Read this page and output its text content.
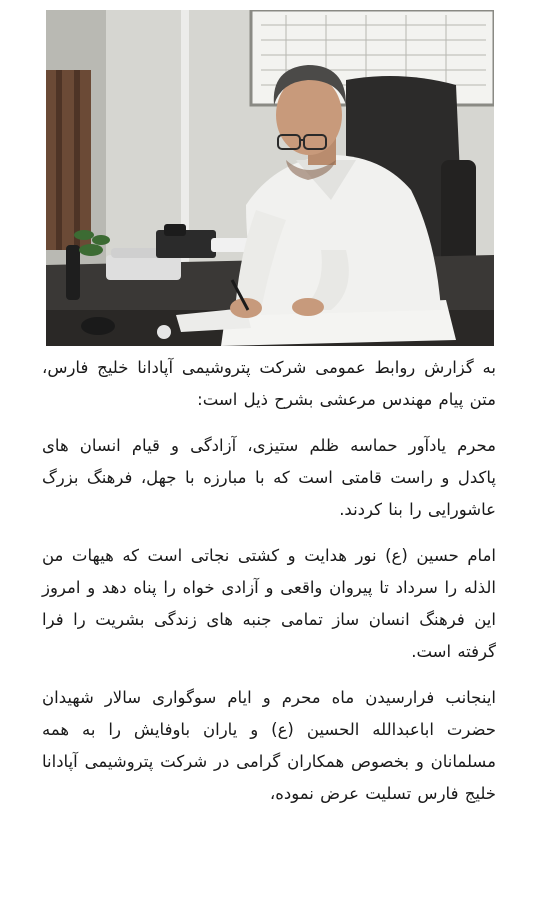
به گزارش روابط عمومی شرکت پتروشیمی آپادانا خلیج فارس، متن پیام مهندس مرعشی بشرح ذیل است:

محرم یادآور حماسه ظلم ستیزی، آزادگی و قیام انسان های پاکدل و راست قامتی است که با مبارزه با جهل، فرهنگ بزرگ عاشورایی را بنا کردند.

امام حسین (ع) نور هدایت و کشتی نجاتی است که هیهات من الذله را سرداد تا پیروان واقعی و آزادی خواه را پناه دهد و امروز این فرهنگ انسان ساز تمامی جنبه های زندگی بشریت را فرا گرفته است.

اینجانب فرارسیدن ماه محرم و ایام سوگواری سالار شهیدان حضرت اباعبدالله الحسین (ع) و یاران باوفایش را به همه مسلمانان و بخصوص همکاران گرامی در شرکت پتروشیمی آپادانا خلیج فارس تسلیت عرض نموده،
